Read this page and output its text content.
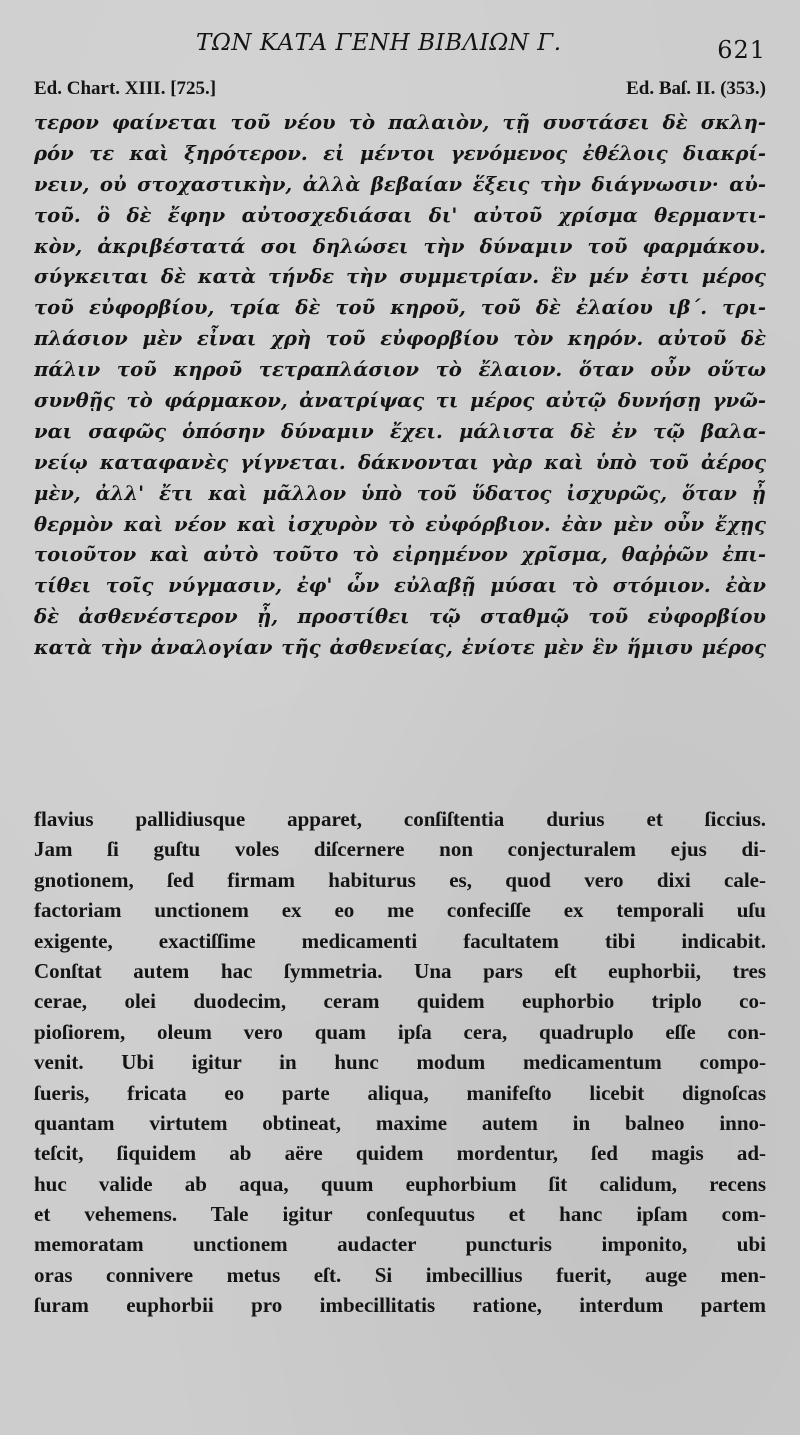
ΤΩΝ ΚΑΤΑ ΓΕΝΗ ΒΙΒΛΙΩΝ Γ.	621
Ed. Chart. XIII. [725.]	Ed. Baſ. II. (353.)
τερον φαίνεται τοῦ νέου τὸ παλαιὸν, τῇ συστάσει δὲ σκλη-
ρόν τε καὶ ξηρότερον. εἰ μέντοι γενόμενος ἐθέλοις διακρί-
νειν, οὐ στοχαστικὴν, ἀλλὰ βεβαίαν ἕξεις τὴν διάγνωσιν· αὐ-
τοῦ. ὃ δὲ ἔφην αὐτοσχεδιάσαι δι' αὐτοῦ χρίσμα θερμαντι-
κὸν, ἀκριβέστατά σοι δηλώσει τὴν δύναμιν τοῦ φαρμάκου.
σύγκειται δὲ κατὰ τήνδε τὴν συμμετρίαν. ἓν μέν ἐστι μέρος
τοῦ εὐφορβίου, τρία δὲ τοῦ κηροῦ, τοῦ δὲ ἐλαίου ιβ΄. τρι-
πλάσιον μὲν εἶναι χρὴ τοῦ εὐφορβίου τὸν κηρόν. αὐτοῦ δὲ
πάλιν τοῦ κηροῦ τετραπλάσιον τὸ ἔλαιον. ὅταν οὖν οὕτω
συνθῇς τὸ φάρμακον, ἀνατρίψας τι μέρος αὐτῷ δυνήσῃ γνῶ-
ναι σαφῶς ὁπόσην δύναμιν ἔχει. μάλιστα δὲ ἐν τῷ βαλα-
νείῳ καταφανὲς γίγνεται. δάκνονται γὰρ καὶ ὑπὸ τοῦ ἀέρος
μὲν, ἀλλ' ἔτι καὶ μᾶλλον ὑπὸ τοῦ ὕδατος ἰσχυρῶς, ὅταν ᾖ
θερμὸν καὶ νέον καὶ ἰσχυρὸν τὸ εὐφόρβιον. ἐὰν μὲν οὖν ἔχῃς
τοιοῦτον καὶ αὐτὸ τοῦτο τὸ εἰρημένον χρῖσμα, θαῤῥῶν ἐπι-
τίθει τοῖς νύγμασιν, ἐφ' ὧν εὐλαβῇ μύσαι τὸ στόμιον. ἐὰν
δὲ ἀσθενέστερον ᾖ, προστίθει τῷ σταθμῷ τοῦ εὐφορβίου
κατὰ τὴν ἀναλογίαν τῆς ἀσθενείας, ἐνίοτε μὲν ἓν ἥμισυ μέρος
flavius pallidiusque apparet, conſiſtentia durius et ſiccius.
Jam ſi guſtu voles diſcernere non conjecturalem ejus di-
gnotionem, ſed firmam habiturus es, quod vero dixi cale-
factoriam unctionem ex eo me confeciſſe ex temporali uſu
exigente, exactiſſime medicamenti facultatem tibi indicabit.
Conſtat autem hac ſymmetria. Una pars eſt euphorbii, tres
cerae, olei duodecim, ceram quidem euphorbio triplo co-
pioſiorem, oleum vero quam ipſa cera, quadruplo eſſe con-
venit. Ubi igitur in hunc modum medicamentum compo-
ſueris, fricata eo parte aliqua, manifeſto licebit dignoſcas
quantam virtutem obtineat, maxime autem in balneo inno-
teſcit, ſiquidem ab aëre quidem mordentur, ſed magis ad-
huc valide ab aqua, quum euphorbium ſit calidum, recens
et vehemens. Tale igitur conſequutus et hanc ipſam com-
memoratam unctionem audacter puncturis imponito, ubi
oras connivere metus eſt. Si imbecillius fuerit, auge men-
ſuram euphorbii pro imbecillitatis ratione, interdum partem
